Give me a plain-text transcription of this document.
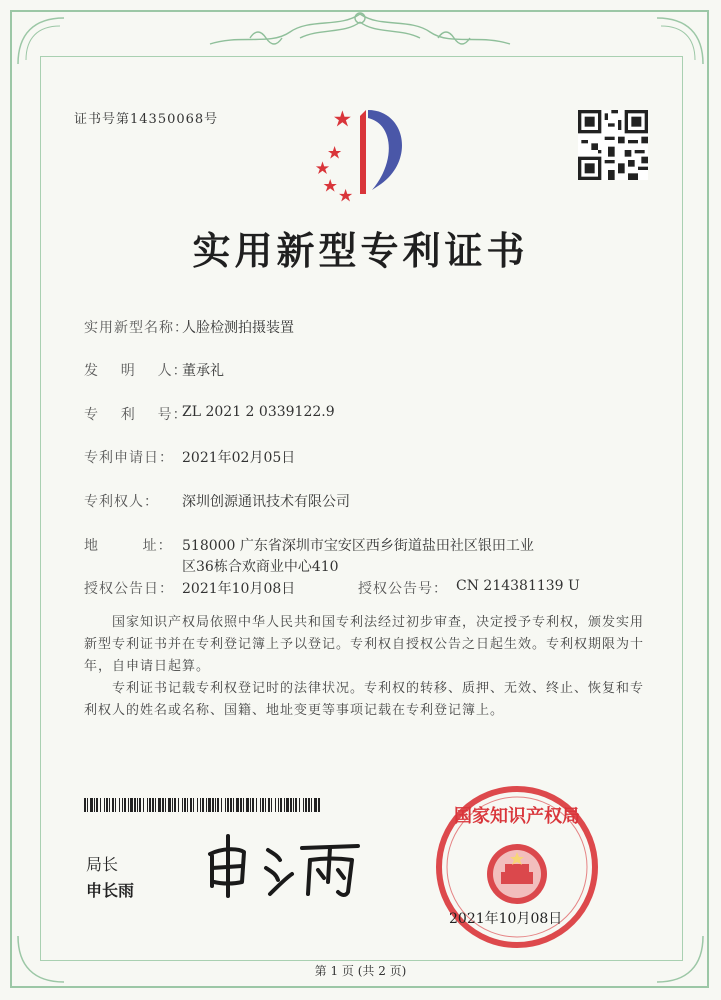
证书号第14350068号
实用新型专利证书
实用新型名称：
人脸检测拍摄装置
发    明    人：
董承礼
专    利    号：
ZL 2021 2 0339122.9
专利申请日： 2021年02月05日
专利权人： 深圳创源通讯技术有限公司
地        址： 518000 广东省深圳市宝安区西乡街道盐田社区银田工业
区36栋合欢商业中心410
授权公告日： 2021年10月08日	授权公告号： CN 214381139 U
国家知识产权局依照中华人民共和国专利法经过初步审查，决定授予专利权，颁发实用新型专利证书并在专利登记簿上予以登记。专利权自授权公告之日起生效。专利权期限为十年，自申请日起算。
专利证书记载专利权登记时的法律状况。专利权的转移、质押、无效、终止、恢复和专利权人的姓名或名称、国籍、地址变更等事项记载在专利登记簿上。
局长
申长雨
国家知识产权局
2021年10月08日
第 1 页 (共 2 页)
